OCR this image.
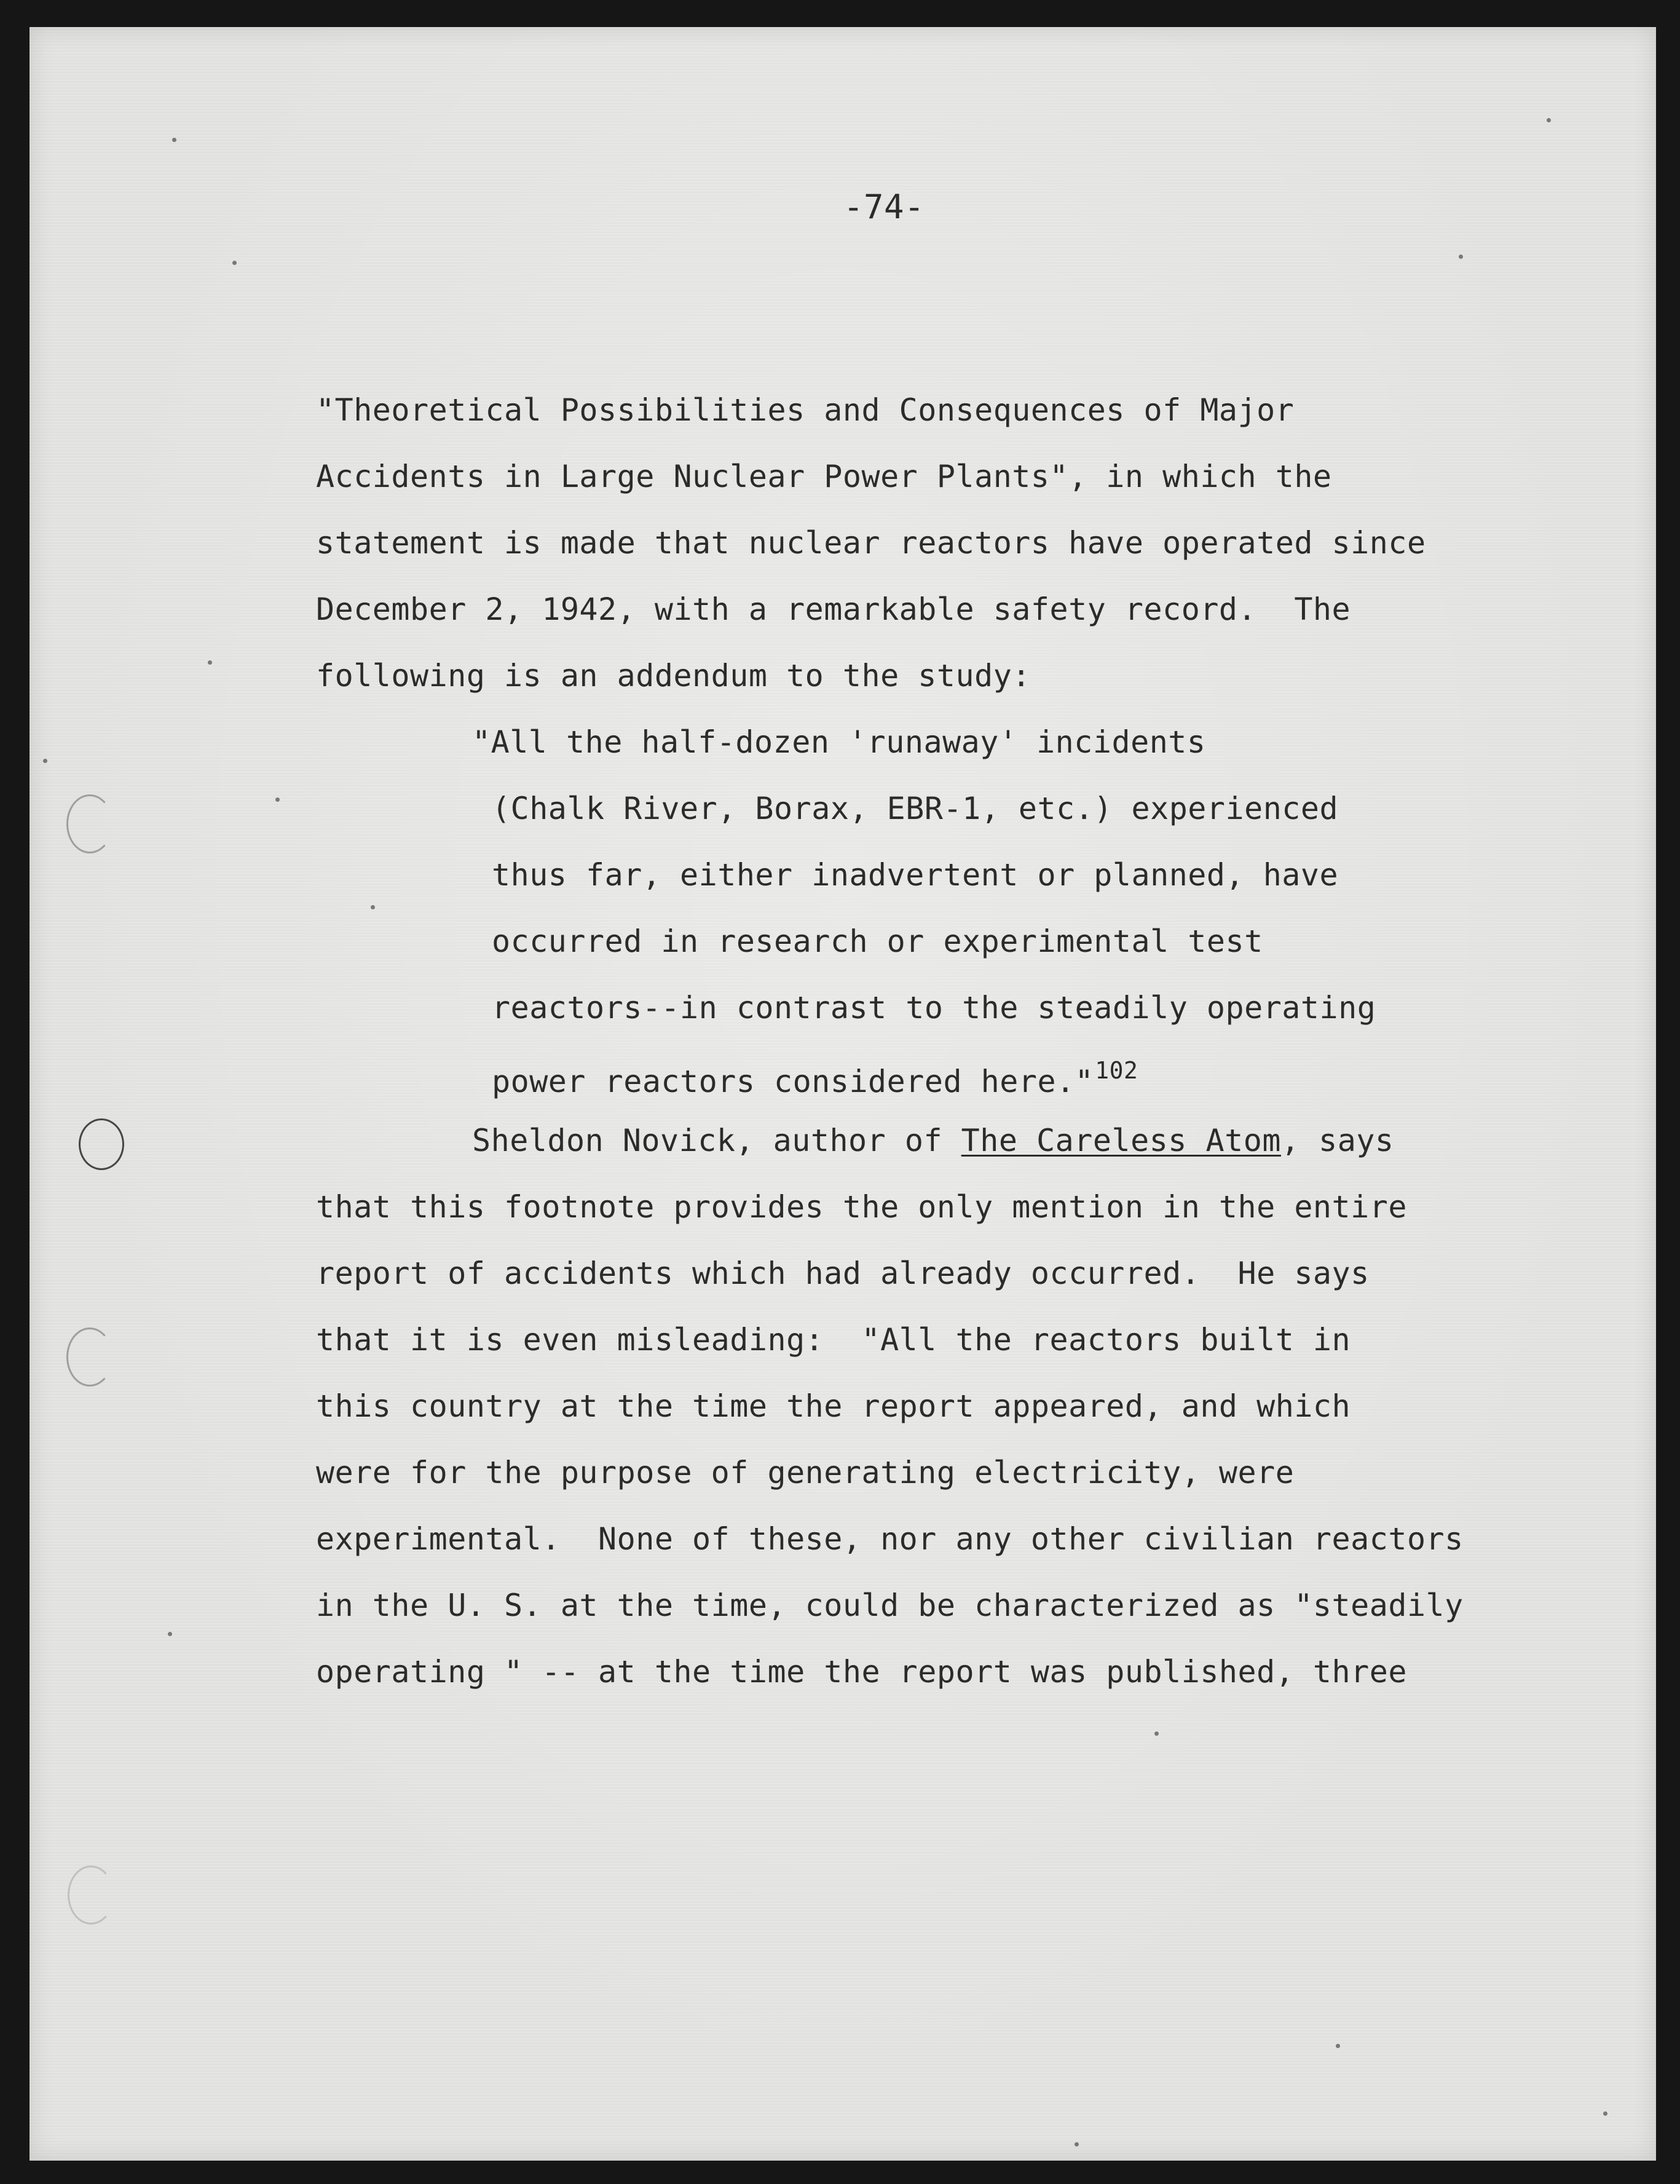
-74-
"Theoretical Possibilities and Consequences of Major
Accidents in Large Nuclear Power Plants", in which the
statement is made that nuclear reactors have operated since
December 2, 1942, with a remarkable safety record.  The
following is an addendum to the study:
"All the half-dozen 'runaway' incidents
(Chalk River, Borax, EBR-1, etc.) experienced
thus far, either inadvertent or planned, have
occurred in research or experimental test
reactors--in contrast to the steadily operating
power reactors considered here."$^{102}$
Sheldon Novick, author of The Careless Atom, says
that this footnote provides the only mention in the entire
report of accidents which had already occurred.  He says
that it is even misleading:  "All the reactors built in
this country at the time the report appeared, and which
were for the purpose of generating electricity, were
experimental.  None of these, nor any other civilian reactors
in the U. S. at the time, could be characterized as "steadily
operating " -- at the time the report was published, three
